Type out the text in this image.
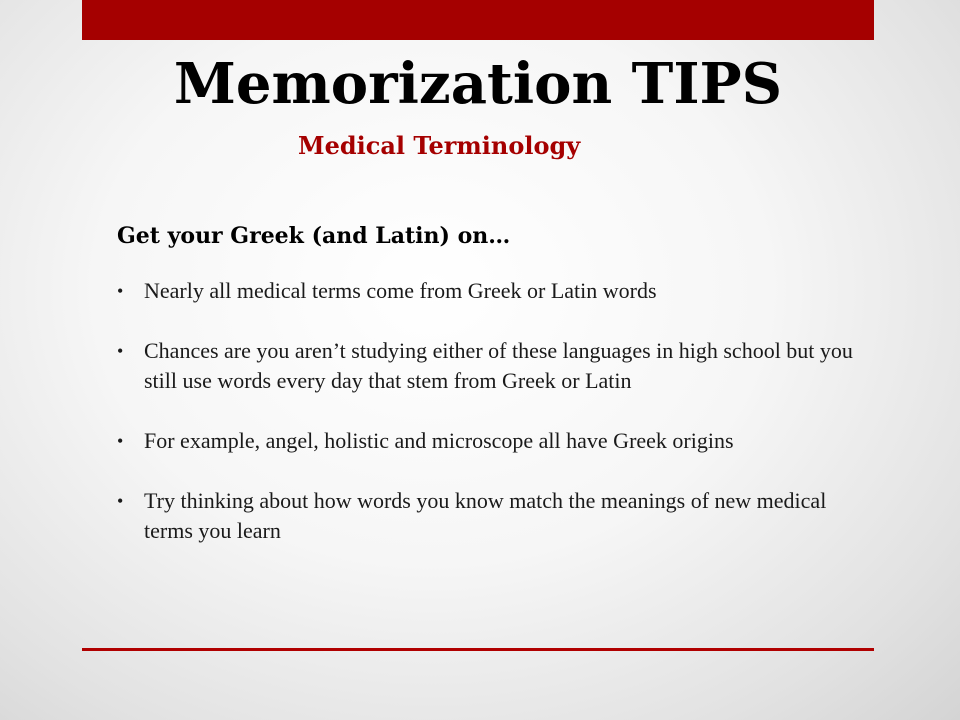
Memorization TIPS
Medical Terminology
Get your Greek (and Latin) on…
• Nearly all medical terms come from Greek or Latin words
• Chances are you aren’t studying either of these languages in high school but you still use words every day that stem from Greek or Latin
• For example, angel, holistic and microscope all have Greek origins
• Try thinking about how words you know match the meanings of new medical terms you learn
